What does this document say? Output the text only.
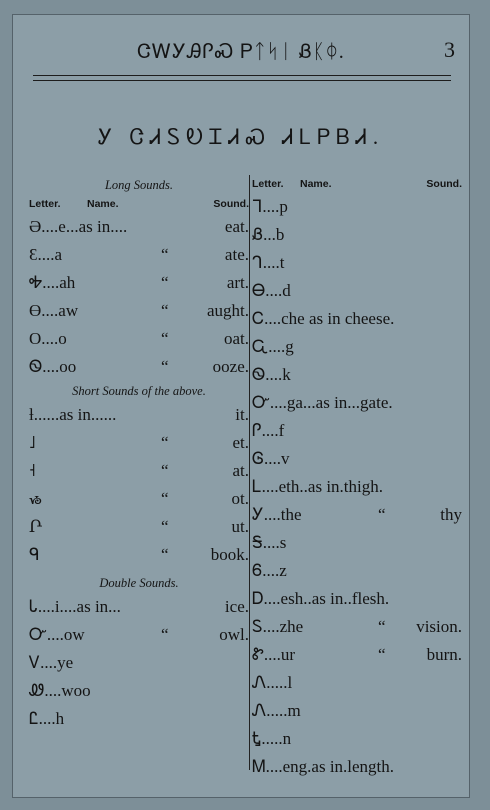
ᏣᎳᎩᎯᎵᏍ Ꮲᛏᛋᛁ Ᏸᛕᛰ.	3
Ꭹ ᏣᏗᏚᎧᏆᏗᏍ ᏗᏞᏢᏴᏗ.
Long Sounds.
Letter.	Name.	Sound.
Ә....e...as in....	eat.
Ɛ....a	“	ate.
Ꭽ....ah	“	art.
Ɵ....aw	“ aught.
O....o	“	oat.
Ꮻ....oo	“	ooze.
Short Sounds of the above.
ƚ......as in......	it.
˩	“	et.
˧	“	at.
ᏹ	“	ot.
Ր	“	ut.
ᑫ	“ book.
Double Sounds.
Ꮣ....i....as in...	ice.
Ꮕ....ow	“	owl.
Ꮩ....ye
Ꮺ....woo
Ꮭ....h
Letter. Name.	Sound.
ᒣ....p
Ᏸ...b
ᒉ....t
Ꮎ....d
Ꮯ....che as in cheese.
Ꮹ....g
Ꮻ....k
Ꮕ....ga...as in...gate.
Ꮅ....f
Ꮆ....v
Ꮮ....eth..as in.thigh.
Ꭹ....the	“	thy
Ꭶ....s
Ꮾ....z
Ꭰ....esh..as in..flesh.
Ꮪ....zhe	“ vision.
Ꮡ....ur	“ burn.
Ꮑ.....l
Ꮑ.....m
Ꮏ.....n
Ꮇ....eng.as in.length.
